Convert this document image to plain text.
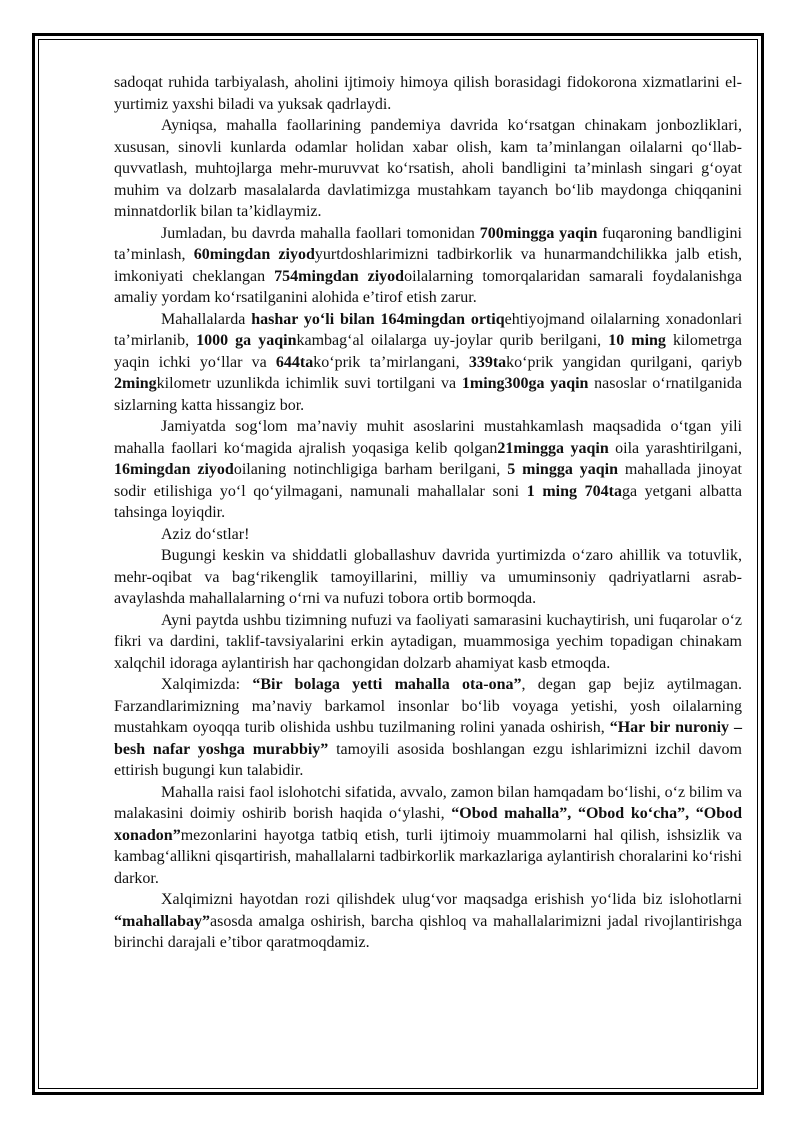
sadoqat ruhida tarbiyalash, aholini ijtimoiy himoya qilish borasidagi fidokorona xizmatlarini el-yurtimiz yaxshi biladi va yuksak qadrlaydi.

Ayniqsa, mahalla faollarining pandemiya davrida ko‘rsatgan chinakam jonbozliklari, xususan, sinovli kunlarda odamlar holidan xabar olish, kam ta’minlangan oilalarni qo‘llab-quvvatlash, muhtojlarga mehr-muruvvat ko‘rsatish, aholi bandligini ta’minlash singari g‘oyat muhim va dolzarb masalalarda davlatimizga mustahkam tayanch bo‘lib maydonga chiqqanini minnatdorlik bilan ta’kidlaymiz.

Jumladan, bu davrda mahalla faollari tomonidan 700mingga yaqin fuqaroning bandligini ta’minlash, 60mingdan ziyodyurtdoshlarimizni tadbirkorlik va hunarmandchilikka jalb etish, imkoniyati cheklangan 754mingdan ziyodoilalarning tomorqalaridan samarali foydalanishga amaliy yordam ko‘rsatilganini alohida e’tirof etish zarur.

Mahallalarda hashar yo‘li bilan 164mingdan ortiqehtiyojmand oilalarning xonadonlari ta’mirlanib, 1000 ga yaqinkambag‘al oilalarga uy-joylar qurib berilgani, 10 ming kilometrga yaqin ichki yo‘llar va 644tako‘prik ta’mirlangani, 339tako‘prik yangidan qurilgani, qariyb 2mingkilometr uzunlikda ichimlik suvi tortilgani va 1ming300ga yaqin nasoslar o‘rnatilganida sizlarning katta hissangiz bor.

Jamiyatda sog‘lom ma’naviy muhit asoslarini mustahkamlash maqsadida o‘tgan yili mahalla faollari ko‘magida ajralish yoqasiga kelib qolgan21mingga yaqin oila yarashtirilgani, 16mingdan ziyodoilaning notinchligiga barham berilgani, 5 mingga yaqin mahallada jinoyat sodir etilishiga yo‘l qo‘yilmagani, namunali mahallalar soni 1 ming 704taga yetgani albatta tahsinga loyiqdir.

Aziz do‘stlar!

Bugungi keskin va shiddatli globallashuv davrida yurtimizda o‘zaro ahillik va totuvlik, mehr-oqibat va bag‘rikenglik tamoyillarini, milliy va umuminsoniy qadriyatlarni asrab-avaylashda mahallalarning o‘rni va nufuzi tobora ortib bormoqda.

Ayni paytda ushbu tizimning nufuzi va faoliyati samarasini kuchaytirish, uni fuqarolar o‘z fikri va dardini, taklif-tavsiyalarini erkin aytadigan, muammosiga yechim topadigan chinakam xalqchil idoraga aylantirish har qachongidan dolzarb ahamiyat kasb etmoqda.

Xalqimizda: “Bir bolaga yetti mahalla ota-ona”, degan gap bejiz aytilmagan. Farzandlarimizning ma’naviy barkamol insonlar bo‘lib voyaga yetishi, yosh oilalarning mustahkam oyoqqa turib olishida ushbu tuzilmaning rolini yanada oshirish, “Har bir nuroniy – besh nafar yoshga murabbiy” tamoyili asosida boshlangan ezgu ishlarimizni izchil davom ettirish bugungi kun talabidir.

Mahalla raisi faol islohotchi sifatida, avvalo, zamon bilan hamqadam bo‘lishi, o‘z bilim va malakasini doimiy oshirib borish haqida o‘ylashi, “Obod mahalla”, “Obod ko‘cha”, “Obod xonadon”mezonlarini hayotga tatbiq etish, turli ijtimoiy muammolarni hal qilish, ishsizlik va kambag‘allikni qisqartirish, mahallalarni tadbirkorlik markazlariga aylantirish choralarini ko‘rishi darkor.

Xalqimizni hayotdan rozi qilishdek ulug‘vor maqsadga erishish yo‘lida biz islohotlarni “mahallabay”asosda amalga oshirish, barcha qishloq va mahallalarimizni jadal rivojlantirishga birinchi darajali e’tibor qaratmoqdamiz.
